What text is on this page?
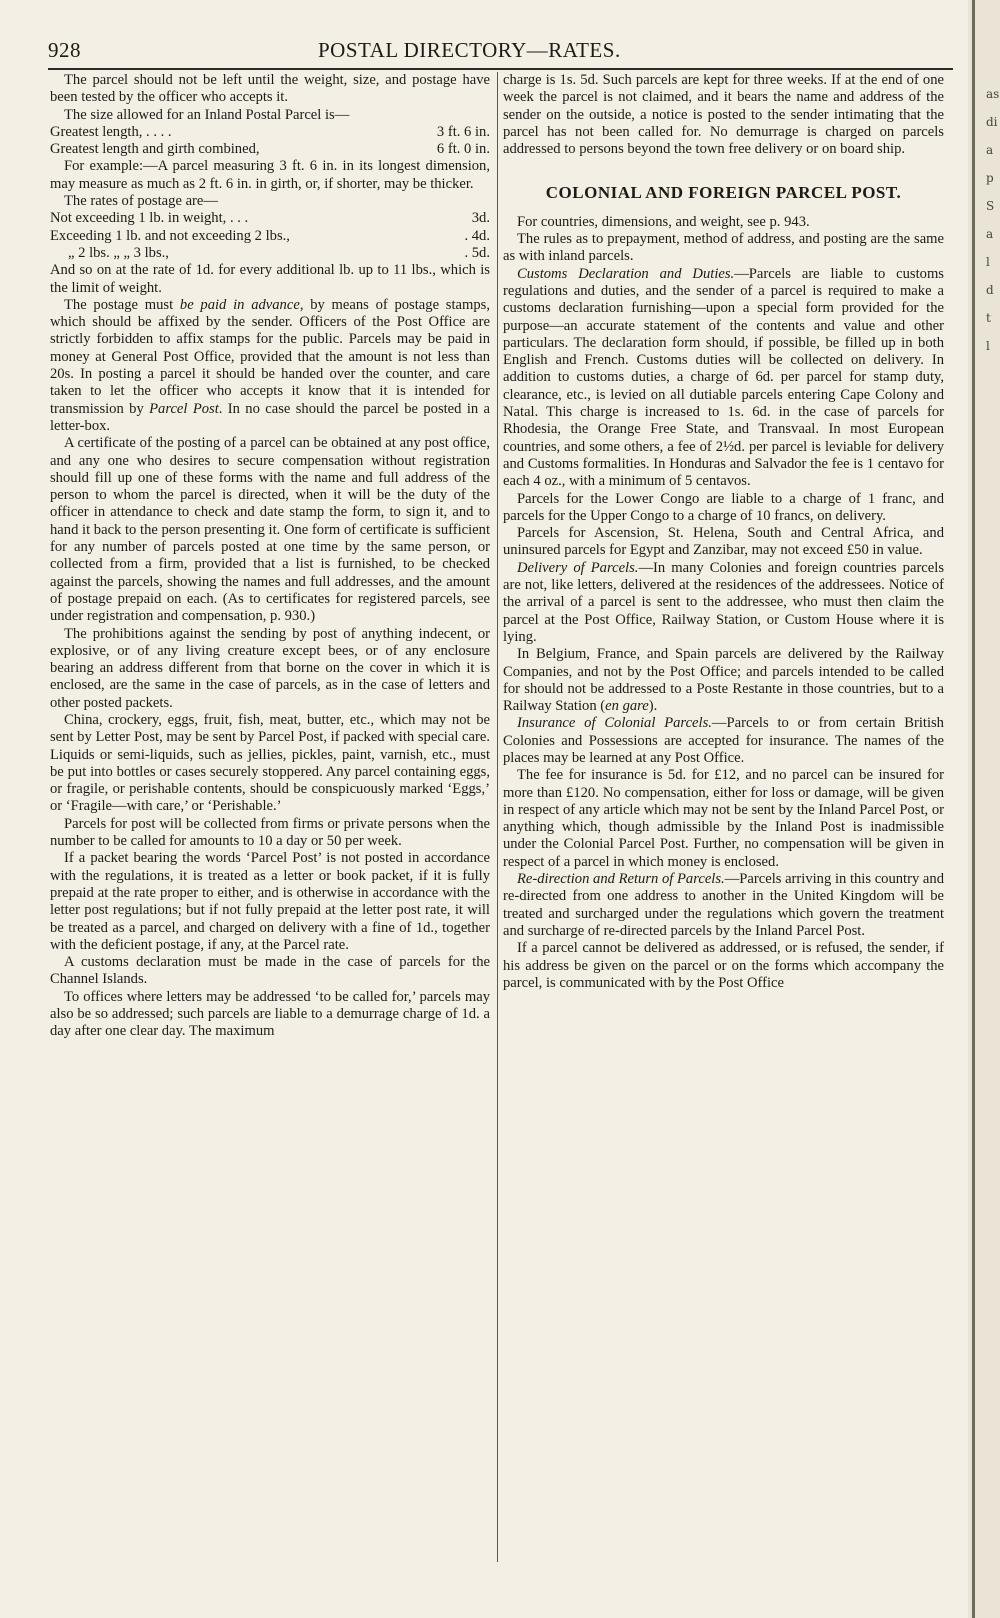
928	POSTAL DIRECTORY—RATES.

The parcel should not be left until the weight, size, and postage have been tested by the officer who accepts it.

The size allowed for an Inland Postal Parcel is—

Greatest length, . . . .	3 ft. 6 in.
Greatest length and girth combined,	6 ft. 0 in.

For example:—A parcel measuring 3 ft. 6 in. in its longest dimension, may measure as much as 2 ft. 6 in. in girth, or, if shorter, may be thicker.

The rates of postage are—

Not exceeding 1 lb. in weight, . . .	3d.
Exceeding 1 lb. and not exceeding 2 lbs.,	. 4d.
„ 2 lbs. „ „ 3 lbs.,	. 5d.

And so on at the rate of 1d. for every additional lb. up to 11 lbs., which is the limit of weight.

The postage must be paid in advance, by means of postage stamps, which should be affixed by the sender. Officers of the Post Office are strictly forbidden to affix stamps for the public. Parcels may be paid in money at General Post Office, provided that the amount is not less than 20s. In posting a parcel it should be handed over the counter, and care taken to let the officer who accepts it know that it is intended for transmission by Parcel Post. In no case should the parcel be posted in a letter-box.

A certificate of the posting of a parcel can be obtained at any post office, and any one who desires to secure compensation without registration should fill up one of these forms with the name and full address of the person to whom the parcel is directed, when it will be the duty of the officer in attendance to check and date stamp the form, to sign it, and to hand it back to the person presenting it. One form of certificate is sufficient for any number of parcels posted at one time by the same person, or collected from a firm, provided that a list is furnished, to be checked against the parcels, showing the names and full addresses, and the amount of postage prepaid on each. (As to certificates for registered parcels, see under registration and compensation, p. 930.)

The prohibitions against the sending by post of anything indecent, or explosive, or of any living creature except bees, or of any enclosure bearing an address different from that borne on the cover in which it is enclosed, are the same in the case of parcels, as in the case of letters and other posted packets.

China, crockery, eggs, fruit, fish, meat, butter, etc., which may not be sent by Letter Post, may be sent by Parcel Post, if packed with special care. Liquids or semi-liquids, such as jellies, pickles, paint, varnish, etc., must be put into bottles or cases securely stoppered. Any parcel containing eggs, or fragile, or perishable contents, should be conspicuously marked ‘Eggs,’ or ‘Fragile—with care,’ or ‘Perishable.’

Parcels for post will be collected from firms or private persons when the number to be called for amounts to 10 a day or 50 per week.

If a packet bearing the words ‘Parcel Post’ is not posted in accordance with the regulations, it is treated as a letter or book packet, if it is fully prepaid at the rate proper to either, and is otherwise in accordance with the letter post regulations; but if not fully prepaid at the letter post rate, it will be treated as a parcel, and charged on delivery with a fine of 1d., together with the deficient postage, if any, at the Parcel rate.

A customs declaration must be made in the case of parcels for the Channel Islands.

To offices where letters may be addressed ‘to be called for,’ parcels may also be so addressed; such parcels are liable to a demurrage charge of 1d. a day after one clear day. The maximum

charge is 1s. 5d. Such parcels are kept for three weeks. If at the end of one week the parcel is not claimed, and it bears the name and address of the sender on the outside, a notice is posted to the sender intimating that the parcel has not been called for. No demurrage is charged on parcels addressed to persons beyond the town free delivery or on board ship.

COLONIAL AND FOREIGN PARCEL POST.

For countries, dimensions, and weight, see p. 943.

The rules as to prepayment, method of address, and posting are the same as with inland parcels.

Customs Declaration and Duties.—Parcels are liable to customs regulations and duties, and the sender of a parcel is required to make a customs declaration furnishing—upon a special form provided for the purpose—an accurate statement of the contents and value and other particulars. The declaration form should, if possible, be filled up in both English and French. Customs duties will be collected on delivery. In addition to customs duties, a charge of 6d. per parcel for stamp duty, clearance, etc., is levied on all dutiable parcels entering Cape Colony and Natal. This charge is increased to 1s. 6d. in the case of parcels for Rhodesia, the Orange Free State, and Transvaal. In most European countries, and some others, a fee of 2½d. per parcel is leviable for delivery and Customs formalities. In Honduras and Salvador the fee is 1 centavo for each 4 oz., with a minimum of 5 centavos.

Parcels for the Lower Congo are liable to a charge of 1 franc, and parcels for the Upper Congo to a charge of 10 francs, on delivery.

Parcels for Ascension, St. Helena, South and Central Africa, and uninsured parcels for Egypt and Zanzibar, may not exceed £50 in value.

Delivery of Parcels.—In many Colonies and foreign countries parcels are not, like letters, delivered at the residences of the addressees. Notice of the arrival of a parcel is sent to the addressee, who must then claim the parcel at the Post Office, Railway Station, or Custom House where it is lying.

In Belgium, France, and Spain parcels are delivered by the Railway Companies, and not by the Post Office; and parcels intended to be called for should not be addressed to a Poste Restante in those countries, but to a Railway Station (en gare).

Insurance of Colonial Parcels.—Parcels to or from certain British Colonies and Possessions are accepted for insurance. The names of the places may be learned at any Post Office.

The fee for insurance is 5d. for £12, and no parcel can be insured for more than £120. No compensation, either for loss or damage, will be given in respect of any article which may not be sent by the Inland Parcel Post, or anything which, though admissible by the Inland Post is inadmissible under the Colonial Parcel Post. Further, no compensation will be given in respect of a parcel in which money is enclosed.

Re-direction and Return of Parcels.—Parcels arriving in this country and re-directed from one address to another in the United Kingdom will be treated and surcharged under the regulations which govern the treatment and surcharge of re-directed parcels by the Inland Parcel Post.

If a parcel cannot be delivered as addressed, or is refused, the sender, if his address be given on the parcel or on the forms which accompany the parcel, is communicated with by the Post Office

as
di
a
p
S
a
l
d
t
l
